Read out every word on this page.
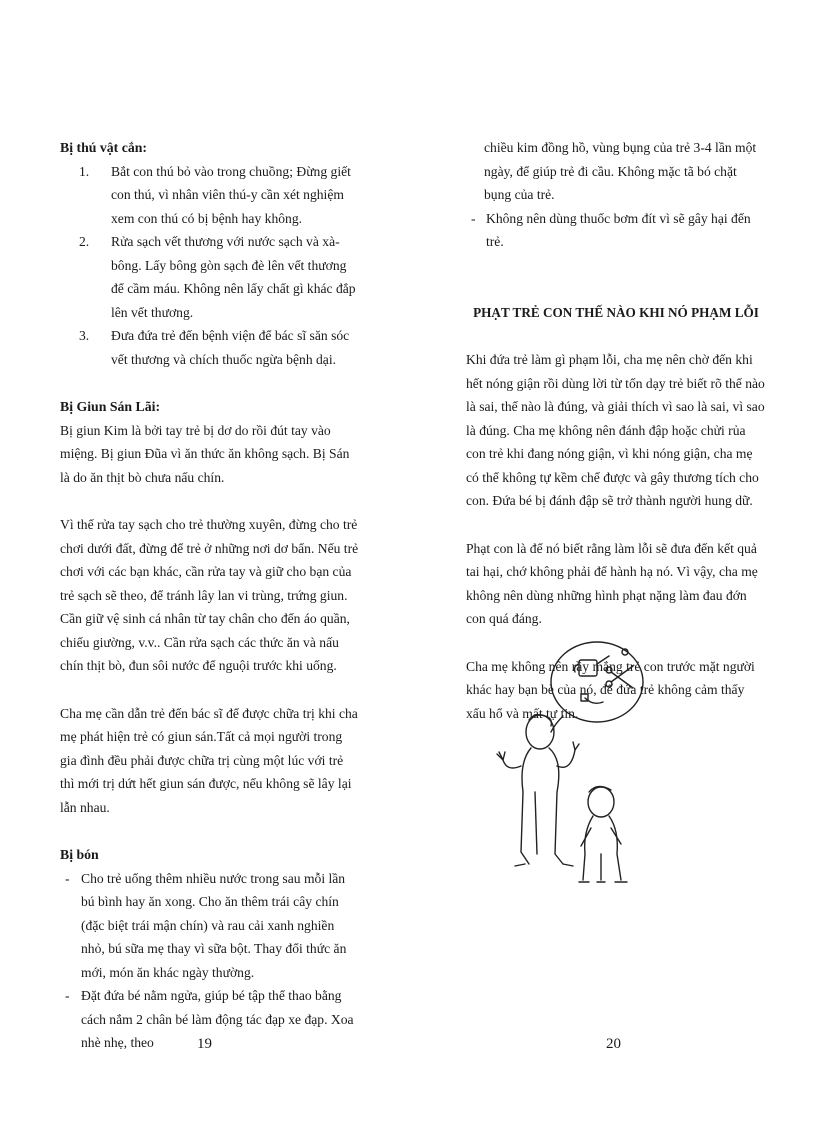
Bị thú vật cắn:
1. Bắt con thú bỏ vào trong chuồng; Đừng giết con thú, vì nhân viên thú-y cần xét nghiệm xem con thú có bị bệnh hay không.
2. Rửa sạch vết thương với nước sạch và xà-bông. Lấy bông gòn sạch đè lên vết thương để cầm máu. Không nên lấy chất gì khác đắp lên vết thương.
3. Đưa đứa trẻ đến bệnh viện để bác sĩ săn sóc vết thương và chích thuốc ngừa bệnh dại.
Bị Giun Sán Lãi:

Bị giun Kim là bởi tay trẻ bị dơ do rồi đút tay vào miệng. Bị giun Đũa vì ăn thức ăn không sạch. Bị Sán là do ăn thịt bò chưa nấu chín.

Vì thế rửa tay sạch cho trẻ thường xuyên, đừng cho trẻ chơi dưới đất, đừng để trẻ ở những nơi dơ bẩn. Nếu trẻ chơi với các bạn khác, cần rửa tay và giữ cho bạn của trẻ sạch sẽ theo, để tránh lây lan vi trùng, trứng giun. Cần giữ vệ sinh cá nhân từ tay chân cho đến áo quần, chiếu giường, v.v.. Cần rửa sạch các thức ăn và nấu chín thịt bò, đun sôi nước để nguội trước khi uống.

Cha mẹ cần dẫn trẻ đến bác sĩ để được chữa trị khi cha mẹ phát hiện trẻ có giun sán.Tất cả mọi người trong gia đình đều phải được chữa trị cùng một lúc với trẻ thì mới trị dứt hết giun sán được, nếu không sẽ lây lại lẫn nhau.

Bị bón
- Cho trẻ uống thêm nhiều nước trong sau mỗi lần bú bình hay ăn xong. Cho ăn thêm trái cây chín (đặc biệt trái mận chín) và rau cải xanh nghiền nhỏ, bú sữa mẹ thay vì sữa bột. Thay đổi thức ăn mới, món ăn khác ngày thường.
- Đặt đứa bé nằm ngửa, giúp bé tập thể thao bằng cách nắm 2 chân bé làm động tác đạp xe đạp. Xoa nhè nhẹ, theo	19

chiều kim đồng hồ, vùng bụng của trẻ 3-4 lần một ngày, để giúp trẻ đi cầu. Không mặc tã bó chặt bụng của trẻ.

- Không nên dùng thuốc bơm đít vì sẽ gây hại đến trẻ.

PHẠT TRẺ CON THẾ NÀO KHI NÓ PHẠM LỖI

Khi đứa trẻ làm gì phạm lỗi, cha mẹ nên chờ đến khi hết nóng giận rồi dùng lời từ tốn dạy trẻ biết rõ thế nào là sai, thế nào là đúng, và giải thích vì sao là sai, vì sao là đúng. Cha mẹ không nên đánh đập hoặc chửi rủa con trẻ khi đang nóng giận, vì khi nóng giận, cha mẹ có thể không tự kềm chế được và gây thương tích cho con. Đứa bé bị đánh đập sẽ trở thành người hung dữ.

Phạt con là để nó biết rằng làm lỗi sẽ đưa đến kết quả tai hại, chớ không phải để hành hạ nó. Vì vậy, cha mẹ không nên dùng những hình phạt nặng làm đau đớn con quá đáng.

Cha mẹ không nên rầy mắng trẻ con trước mặt người khác hay bạn bè của nó, để đứa trẻ không cảm thấy xấu hổ và mất tự tin.

20
